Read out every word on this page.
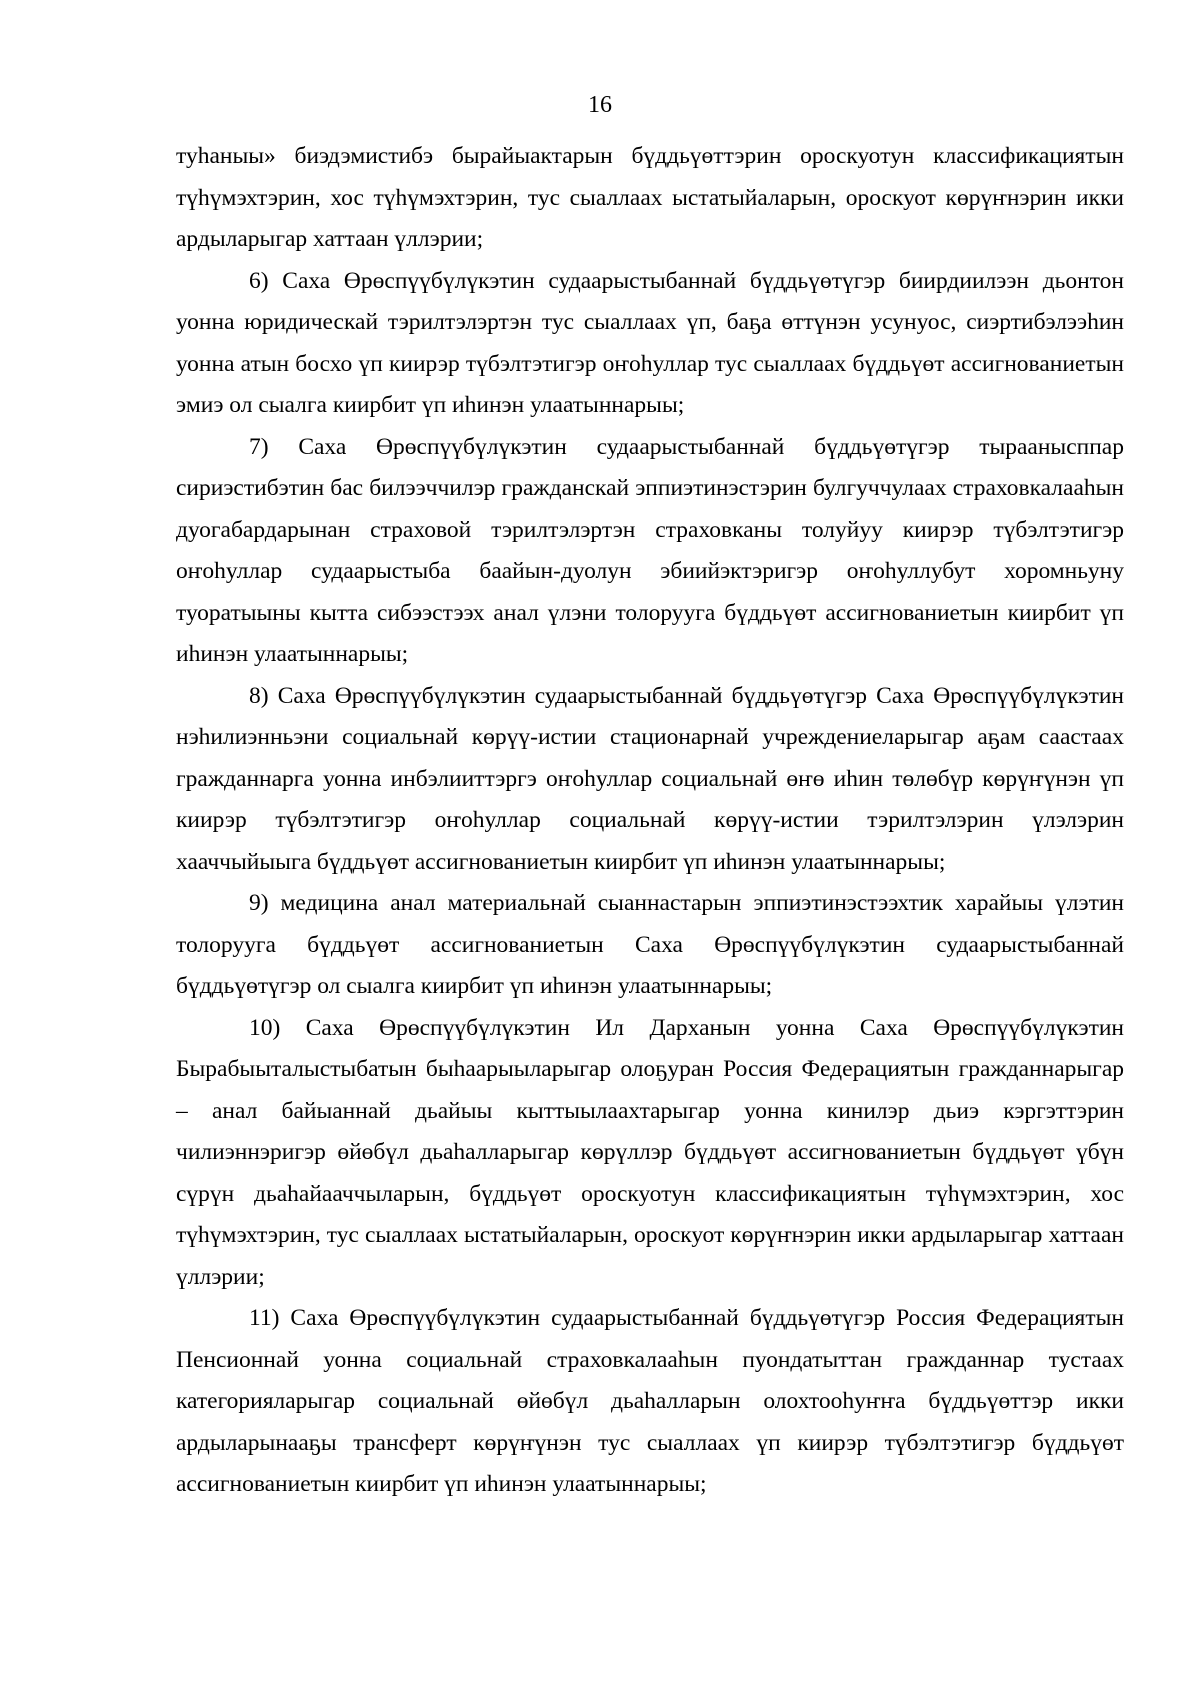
16

туhаныы» биэдэмистибэ бырайыактарын бүддьүөттэрин ороскуотун классификациятын түhүмэхтэрин, хос түhүмэхтэрин, тус сыаллаах ыстатыйаларын, ороскуот көрүҥнэрин икки ардыларыгар хаттаан үллэрии;

6) Саха Өрөспүүбүлүкэтин судаарыстыбаннай бүддьүөтүгэр биирдиилээн дьонтон уонна юридическай тэрилтэлэртэн тус сыаллаах үп, баҕа өттүнэн усунуос, сиэртибэлээhин уонна атын босхо үп киирэр түбэлтэтигэр оҥоhуллар тус сыаллаах бүддьүөт ассигнованиетын эмиэ ол сыалга киирбит үп иhинэн улаатыннарыы;

7) Саха Өрөспүүбүлүкэтин судаарыстыбаннай бүддьүөтүгэр тыраанысппар сириэстибэтин бас билээччилэр гражданскай эппиэтинэстэрин булгуччулаах страховкалааhын дуогабардарынан страховой тэрилтэлэртэн страховканы толуйуу киирэр түбэлтэтигэр оҥоhуллар судаарыстыба баайын-дуолун эбиийэктэригэр оҥоhуллубут хоромньуну туоратыыны кытта сибээстээх анал үлэни толорууга бүддьүөт ассигнованиетын киирбит үп иhинэн улаатыннарыы;

8) Саха Өрөспүүбүлүкэтин судаарыстыбаннай бүддьүөтүгэр Саха Өрөспүүбүлүкэтин нэhилиэнньэни социальнай көрүү-истии стационарнай учреждениеларыгар аҕам саастаах гражданнарга уонна инбэлииттэргэ оҥоhуллар социальнай өҥө иhин төлөбүр көрүҥүнэн үп киирэр түбэлтэтигэр оҥоhуллар социальнай көрүү-истии тэрилтэлэрин үлэлэрин хааччыйыыга бүддьүөт ассигнованиетын киирбит үп иhинэн улаатыннарыы;

9) медицина анал материальнай сыаннастарын эппиэтинэстээхтик харайыы үлэтин толорууга бүддьүөт ассигнованиетын Саха Өрөспүүбүлүкэтин судаарыстыбаннай бүддьүөтүгэр ол сыалга киирбит үп иhинэн улаатыннарыы;

10) Саха Өрөспүүбүлүкэтин Ил Дарханын уонна Саха Өрөспүүбүлүкэтин Бырабыыталыстыбатын быhаарыыларыгар олоҕуран Россия Федерациятын гражданнарыгар – анал байыаннай дьайыы кыттыылаахтарыгар уонна кинилэр дьиэ кэргэттэрин чилиэннэригэр өйөбүл дьаhалларыгар көрүллэр бүддьүөт ассигнованиетын бүддьүөт үбүн сүрүн дьаhайааччыларын, бүддьүөт ороскуотун классификациятын түhүмэхтэрин, хос түhүмэхтэрин, тус сыаллаах ыстатыйаларын, ороскуот көрүҥнэрин икки ардыларыгар хаттаан үллэрии;

11) Саха Өрөспүүбүлүкэтин судаарыстыбаннай бүддьүөтүгэр Россия Федерациятын Пенсионнай уонна социальнай страховкалааhын пуондатыттан гражданнар тустаах категорияларыгар социальнай өйөбүл дьаhалларын олохтооhуҥҥа бүддьүөттэр икки ардыларынааҕы трансферт көрүҥүнэн тус сыаллаах үп киирэр түбэлтэтигэр бүддьүөт ассигнованиетын киирбит үп иhинэн улаатыннарыы;
